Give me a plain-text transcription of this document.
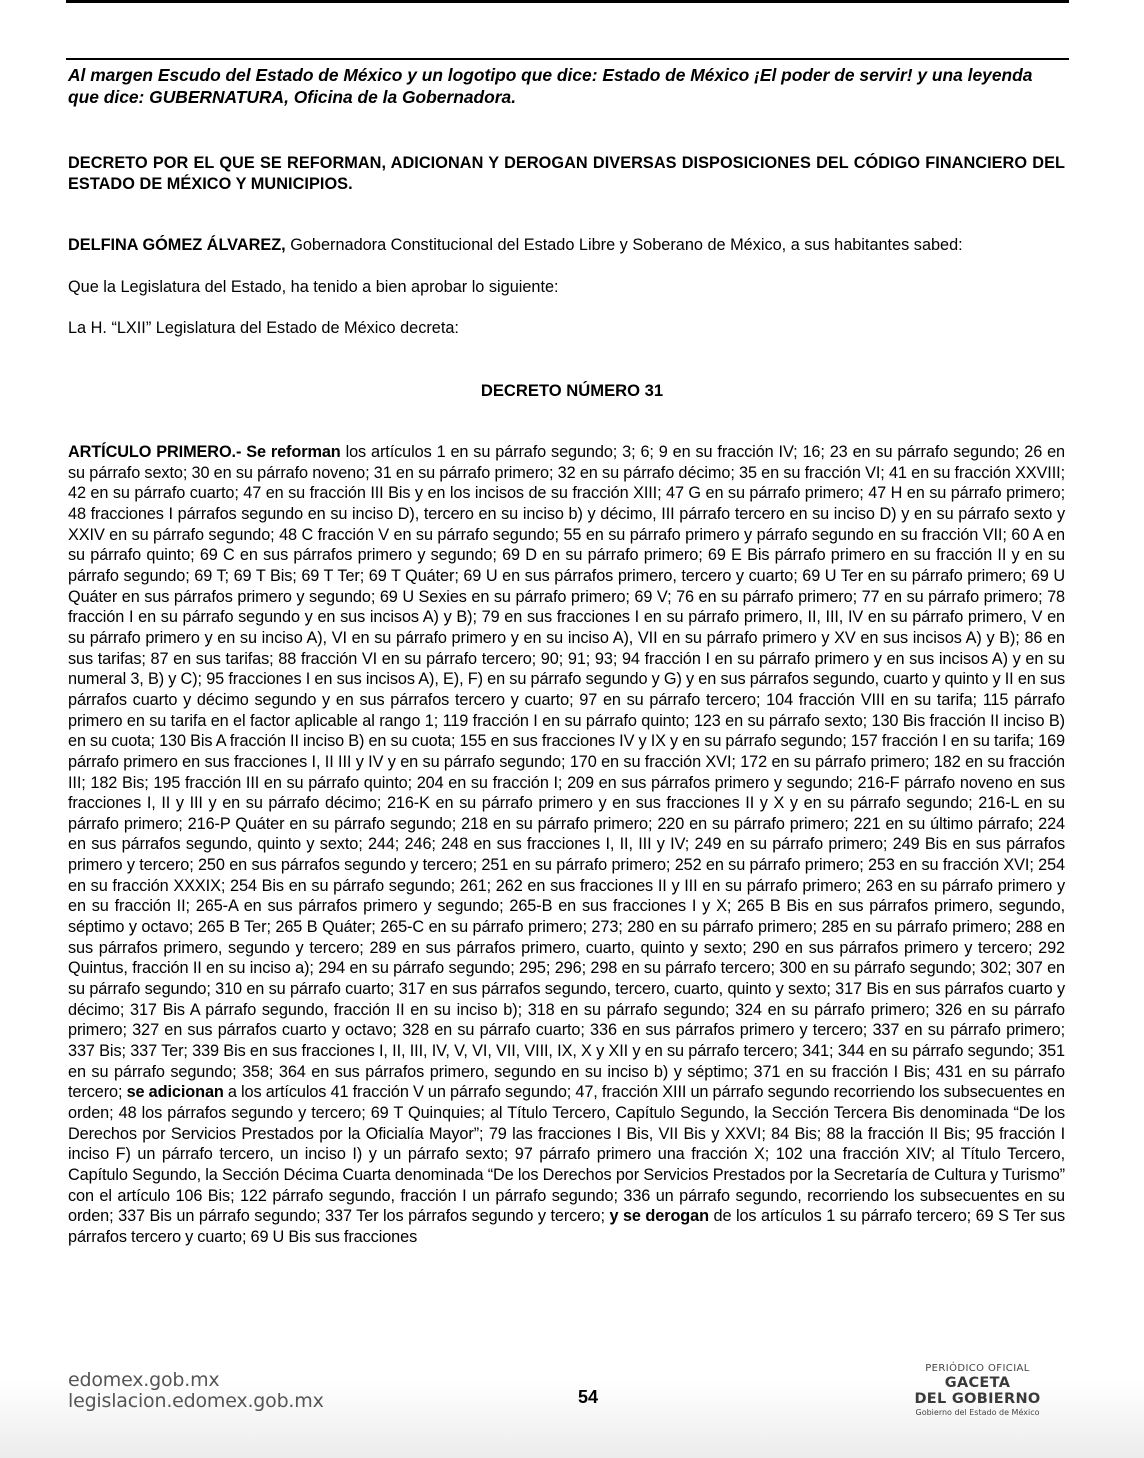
Al margen Escudo del Estado de México y un logotipo que dice: Estado de México ¡El poder de servir! y una leyenda que dice: GUBERNATURA, Oficina de la Gobernadora.
DECRETO POR EL QUE SE REFORMAN, ADICIONAN Y DEROGAN DIVERSAS DISPOSICIONES DEL CÓDIGO FINANCIERO DEL ESTADO DE MÉXICO Y MUNICIPIOS.
DELFINA GÓMEZ ÁLVAREZ, Gobernadora Constitucional del Estado Libre y Soberano de México, a sus habitantes sabed:
Que la Legislatura del Estado, ha tenido a bien aprobar lo siguiente:
La H. “LXII” Legislatura del Estado de México decreta:
DECRETO NÚMERO 31
ARTÍCULO PRIMERO.- Se reforman los artículos 1 en su párrafo segundo; 3; 6; 9 en su fracción IV; 16; 23 en su párrafo segundo; 26 en su párrafo sexto; 30 en su párrafo noveno; 31 en su párrafo primero; 32 en su párrafo décimo; 35 en su fracción VI; 41 en su fracción XXVIII; 42 en su párrafo cuarto; 47 en su fracción III Bis y en los incisos de su fracción XIII; 47 G en su párrafo primero; 47 H en su párrafo primero; 48 fracciones I párrafos segundo en su inciso D), tercero en su inciso b) y décimo, III párrafo tercero en su inciso D) y en su párrafo sexto y XXIV en su párrafo segundo; 48 C fracción V en su párrafo segundo; 55 en su párrafo primero y párrafo segundo en su fracción VII; 60 A en su párrafo quinto; 69 C en sus párrafos primero y segundo; 69 D en su párrafo primero; 69 E Bis párrafo primero en su fracción II y en su párrafo segundo; 69 T; 69 T Bis; 69 T Ter; 69 T Quáter; 69 U en sus párrafos primero, tercero y cuarto; 69 U Ter en su párrafo primero; 69 U Quáter en sus párrafos primero y segundo; 69 U Sexies en su párrafo primero; 69 V; 76 en su párrafo primero; 77 en su párrafo primero; 78 fracción I en su párrafo segundo y en sus incisos A) y B); 79 en sus fracciones I en su párrafo primero, II, III, IV en su párrafo primero, V en su párrafo primero y en su inciso A), VI en su párrafo primero y en su inciso A), VII en su párrafo primero y XV en sus incisos A) y B); 86 en sus tarifas; 87 en sus tarifas; 88 fracción VI en su párrafo tercero; 90; 91; 93; 94 fracción I en su párrafo primero y en sus incisos A) y en su numeral 3, B) y C); 95 fracciones I en sus incisos A), E), F) en su párrafo segundo y G) y en sus párrafos segundo, cuarto y quinto y II en sus párrafos cuarto y décimo segundo y en sus párrafos tercero y cuarto; 97 en su párrafo tercero; 104 fracción VIII en su tarifa; 115 párrafo primero en su tarifa en el factor aplicable al rango 1; 119 fracción I en su párrafo quinto; 123 en su párrafo sexto; 130 Bis fracción II inciso B) en su cuota; 130 Bis A fracción II inciso B) en su cuota; 155 en sus fracciones IV y IX y en su párrafo segundo; 157 fracción I en su tarifa; 169 párrafo primero en sus fracciones I, II III y IV y en su párrafo segundo; 170 en su fracción XVI; 172 en su párrafo primero; 182 en su fracción III; 182 Bis; 195 fracción III en su párrafo quinto; 204 en su fracción I; 209 en sus párrafos primero y segundo; 216-F párrafo noveno en sus fracciones I, II y III y en su párrafo décimo; 216-K en su párrafo primero y en sus fracciones II y X y en su párrafo segundo; 216-L en su párrafo primero; 216-P Quáter en su párrafo segundo; 218 en su párrafo primero; 220 en su párrafo primero; 221 en su último párrafo; 224 en sus párrafos segundo, quinto y sexto; 244; 246; 248 en sus fracciones I, II, III y IV; 249 en su párrafo primero; 249 Bis en sus párrafos primero y tercero; 250 en sus párrafos segundo y tercero; 251 en su párrafo primero; 252 en su párrafo primero; 253 en su fracción XVI; 254 en su fracción XXXIX; 254 Bis en su párrafo segundo; 261; 262 en sus fracciones II y III en su párrafo primero; 263 en su párrafo primero y en su fracción II; 265-A en sus párrafos primero y segundo; 265-B en sus fracciones I y X; 265 B Bis en sus párrafos primero, segundo, séptimo y octavo; 265 B Ter; 265 B Quáter; 265-C en su párrafo primero; 273; 280 en su párrafo primero; 285 en su párrafo primero; 288 en sus párrafos primero, segundo y tercero; 289 en sus párrafos primero, cuarto, quinto y sexto; 290 en sus párrafos primero y tercero; 292 Quintus, fracción II en su inciso a); 294 en su párrafo segundo; 295; 296; 298 en su párrafo tercero; 300 en su párrafo segundo; 302; 307 en su párrafo segundo; 310 en su párrafo cuarto; 317 en sus párrafos segundo, tercero, cuarto, quinto y sexto; 317 Bis en sus párrafos cuarto y décimo; 317 Bis A párrafo segundo, fracción II en su inciso b); 318 en su párrafo segundo; 324 en su párrafo primero; 326 en su párrafo primero; 327 en sus párrafos cuarto y octavo; 328 en su párrafo cuarto; 336 en sus párrafos primero y tercero; 337 en su párrafo primero; 337 Bis; 337 Ter; 339 Bis en sus fracciones I, II, III, IV, V, VI, VII, VIII, IX, X y XII y en su párrafo tercero; 341; 344 en su párrafo segundo; 351 en su párrafo segundo; 358; 364 en sus párrafos primero, segundo en su inciso b) y séptimo; 371 en su fracción I Bis; 431 en su párrafo tercero; se adicionan a los artículos 41 fracción V un párrafo segundo; 47, fracción XIII un párrafo segundo recorriendo los subsecuentes en orden; 48 los párrafos segundo y tercero; 69 T Quinquies; al Título Tercero, Capítulo Segundo, la Sección Tercera Bis denominada “De los Derechos por Servicios Prestados por la Oficialía Mayor”; 79 las fracciones I Bis, VII Bis y XXVI; 84 Bis; 88 la fracción II Bis; 95 fracción I inciso F) un párrafo tercero, un inciso I) y un párrafo sexto; 97 párrafo primero una fracción X; 102 una fracción XIV; al Título Tercero, Capítulo Segundo, la Sección Décima Cuarta denominada “De los Derechos por Servicios Prestados por la Secretaría de Cultura y Turismo” con el artículo 106 Bis; 122 párrafo segundo, fracción I un párrafo segundo; 336 un párrafo segundo, recorriendo los subsecuentes en su orden; 337 Bis un párrafo segundo; 337 Ter los párrafos segundo y tercero; y se derogan de los artículos 1 su párrafo tercero; 69 S Ter sus párrafos tercero y cuarto; 69 U Bis sus fracciones
edomex.gob.mx
legislacion.edomex.gob.mx	54
PERIÓDICO OFICIAL
GACETA
DEL GOBIERNO
Gobierno del Estado de México
